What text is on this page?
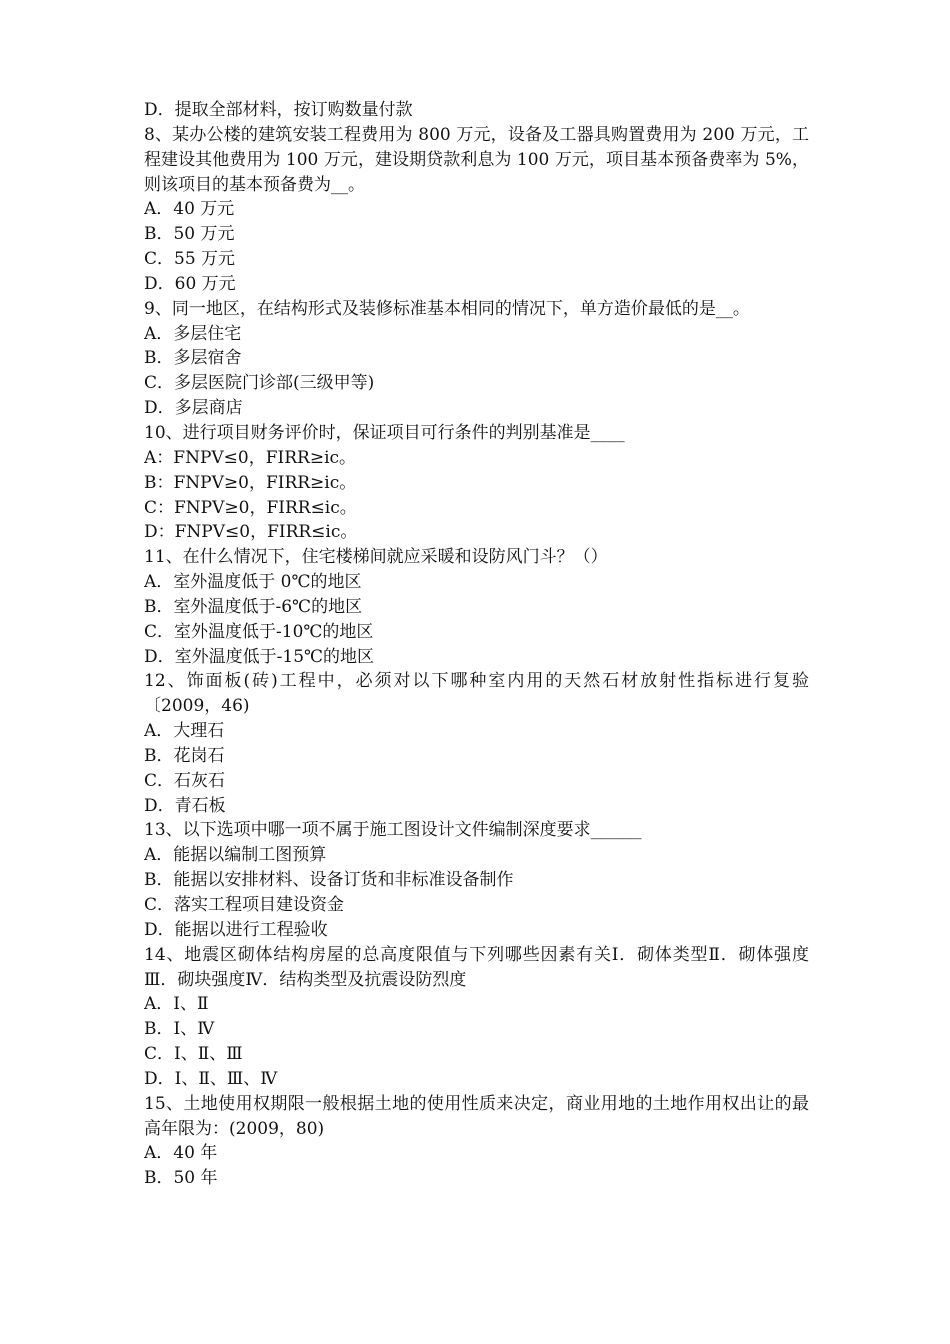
D．提取全部材料，按订购数量付款
8、某办公楼的建筑安装工程费用为 800 万元，设备及工器具购置费用为 200 万元，工程建设其他费用为 100 万元，建设期贷款利息为 100 万元，项目基本预备费率为 5%，则该项目的基本预备费为__。
A．40 万元
B．50 万元
C．55 万元
D．60 万元
9、同一地区，在结构形式及装修标准基本相同的情况下，单方造价最低的是__。
A．多层住宅
B．多层宿舍
C．多层医院门诊部(三级甲等)
D．多层商店
10、进行项目财务评价时，保证项目可行条件的判别基准是____
A：FNPV≤0，FIRR≥ic。
B：FNPV≥0，FIRR≥ic。
C：FNPV≥0，FIRR≤ic。
D：FNPV≤0，FIRR≤ic。
11、在什么情况下，住宅楼梯间就应采暖和设防风门斗？（）
A．室外温度低于 0℃的地区
B．室外温度低于-6℃的地区
C．室外温度低于-10℃的地区
D．室外温度低于-15℃的地区
12、饰面板(砖)工程中，必须对以下哪种室内用的天然石材放射性指标进行复验〔2009，46)
A．大理石
B．花岗石
C．石灰石
D．青石板
13、以下选项中哪一项不属于施工图设计文件编制深度要求______
A．能据以编制工图预算
B．能据以安排材料、设备订货和非标准设备制作
C．落实工程项目建设资金
D．能据以进行工程验收
14、地震区砌体结构房屋的总高度限值与下列哪些因素有关Ⅰ．砌体类型Ⅱ．砌体强度Ⅲ．砌块强度Ⅳ．结构类型及抗震设防烈度
A．Ⅰ、Ⅱ
B．Ⅰ、Ⅳ
C．Ⅰ、Ⅱ、Ⅲ
D．Ⅰ、Ⅱ、Ⅲ、Ⅳ
15、土地使用权期限一般根据土地的使用性质来决定，商业用地的土地作用权出让的最高年限为：(2009，80)
A．40 年
B．50 年
